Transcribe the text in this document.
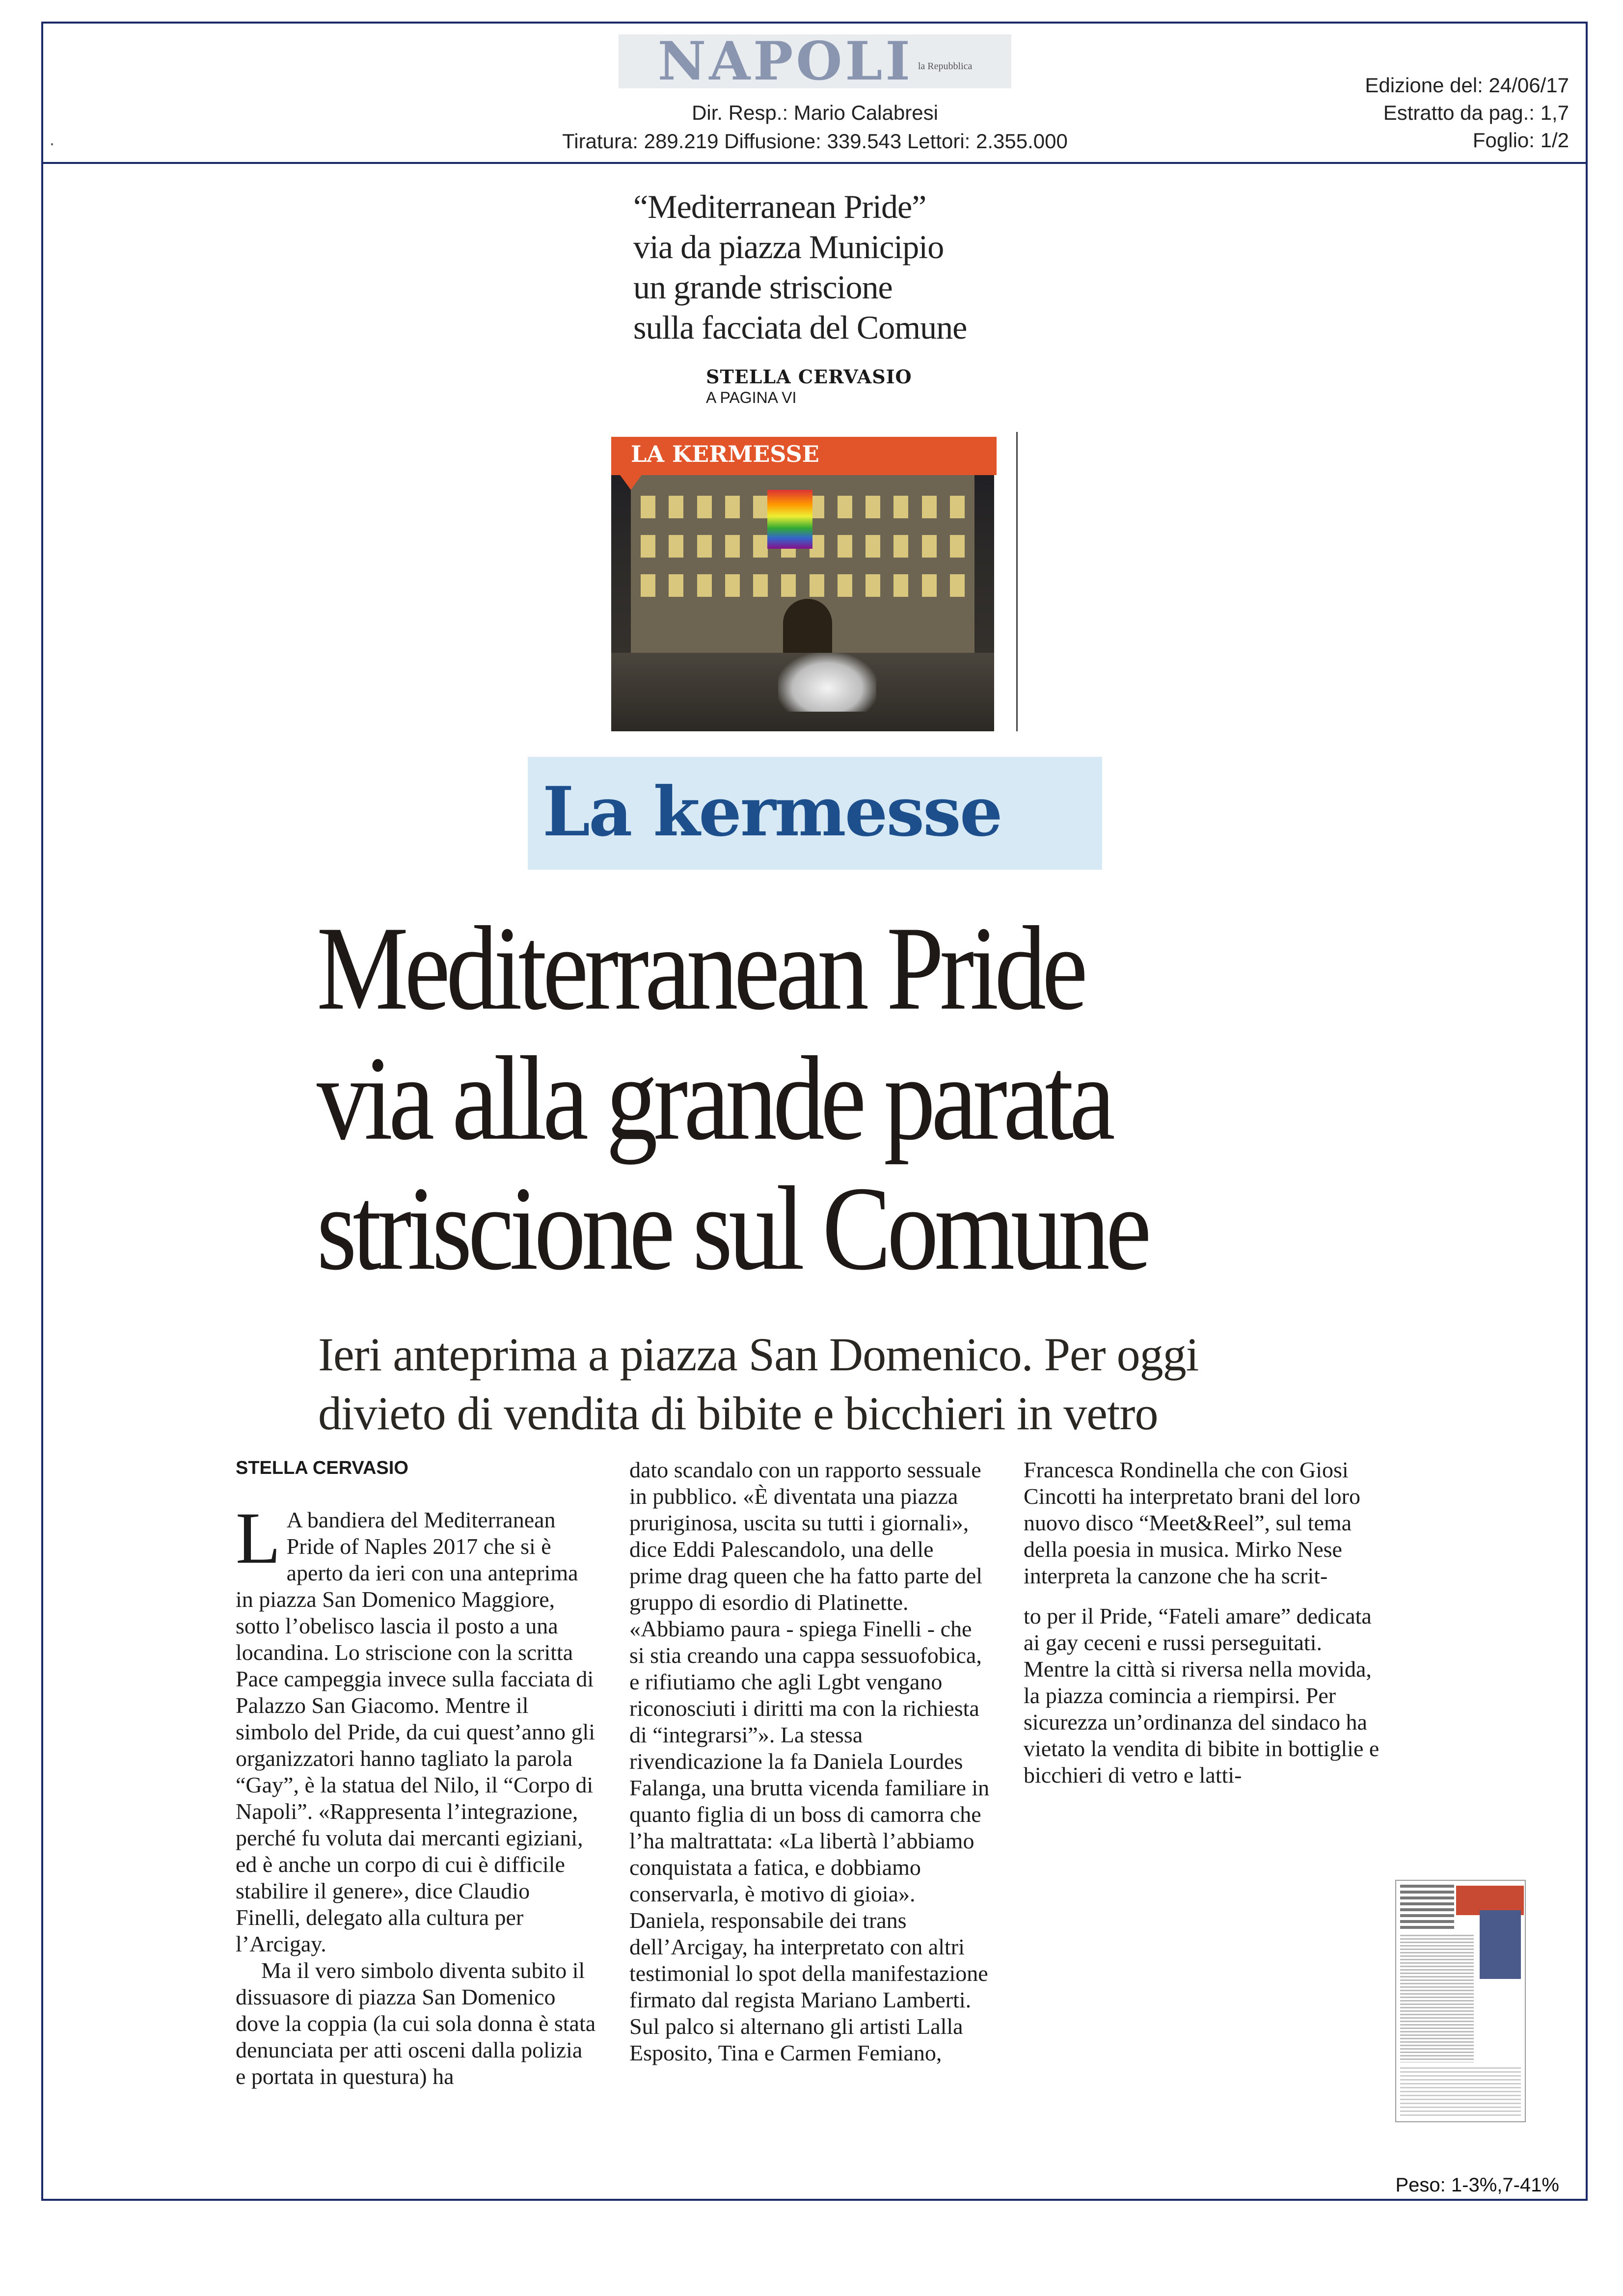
NAPOLI la Repubblica
Dir. Resp.: Mario Calabresi
Tiratura: 289.219 Diffusione: 339.543 Lettori: 2.355.000
Edizione del: 24/06/17
Estratto da pag.: 1,7
Foglio: 1/2
“Mediterranean Pride”
via da piazza Municipio
un grande striscione
sulla facciata del Comune
STELLA CERVASIO
A PAGINA VI
LA KERMESSE
La kermesse
Mediterranean Pride
via alla grande parata
striscione sul Comune
Ieri anteprima a piazza San Domenico. Per oggi
divieto di vendita di bibite e bicchieri in vetro
STELLA CERVASIO

L A bandiera del Mediterranean Pride of Naples 2017 che si è aperto da ieri con una anteprima in piazza San Domenico Maggiore, sotto l’obelisco lascia il posto a una locandina. Lo striscione con la scritta Pace campeggia invece sulla facciata di Palazzo San Giacomo. Mentre il simbolo del Pride, da cui quest’anno gli organizzatori hanno tagliato la parola “Gay”, è la statua del Nilo, il “Corpo di Napoli”. «Rappresenta l’integrazione, perché fu voluta dai mercanti egiziani, ed è anche un corpo di cui è difficile stabilire il genere», dice Claudio Finelli, delegato alla cultura per l’Arcigay.

Ma il vero simbolo diventa subito il dissuasore di piazza San Domenico dove la coppia (la cui sola donna è stata denunciata per atti osceni dalla polizia e portata in questura) ha

dato scandalo con un rapporto sessuale in pubblico. «È diventata una piazza pruriginosa, uscita su tutti i giornali», dice Eddi Palescandolo, una delle prime drag queen che ha fatto parte del gruppo di esordio di Platinette. «Abbiamo paura - spiega Finelli - che si stia creando una cappa sessuofobica, e rifiutiamo che agli Lgbt vengano riconosciuti i diritti ma con la richiesta di “integrarsi”». La stessa rivendicazione la fa Daniela Lourdes Falanga, una brutta vicenda familiare in quanto figlia di un boss di camorra che l’ha maltrattata: «La libertà l’abbiamo conquistata a fatica, e dobbiamo conservarla, è motivo di gioia». Daniela, responsabile dei trans dell’Arcigay, ha interpretato con altri testimonial lo spot della manifestazione firmato dal regista Mariano Lamberti. Sul palco si alternano gli artisti Lalla Esposito, Tina e Carmen Femiano,

Francesca Rondinella che con Giosi Cincotti ha interpretato brani del loro nuovo disco “Meet&Reel”, sul tema della poesia in musica. Mirko Nese interpreta la canzone che ha scrit-

to per il Pride, “Fateli amare” dedicata ai gay ceceni e russi perseguitati. Mentre la città si riversa nella movida, la piazza comincia a riempirsi. Per sicurezza un’ordinanza del sindaco ha vietato la vendita di bibite in bottiglie e bicchieri di vetro e latti-

Peso: 1-3%,7-41%
